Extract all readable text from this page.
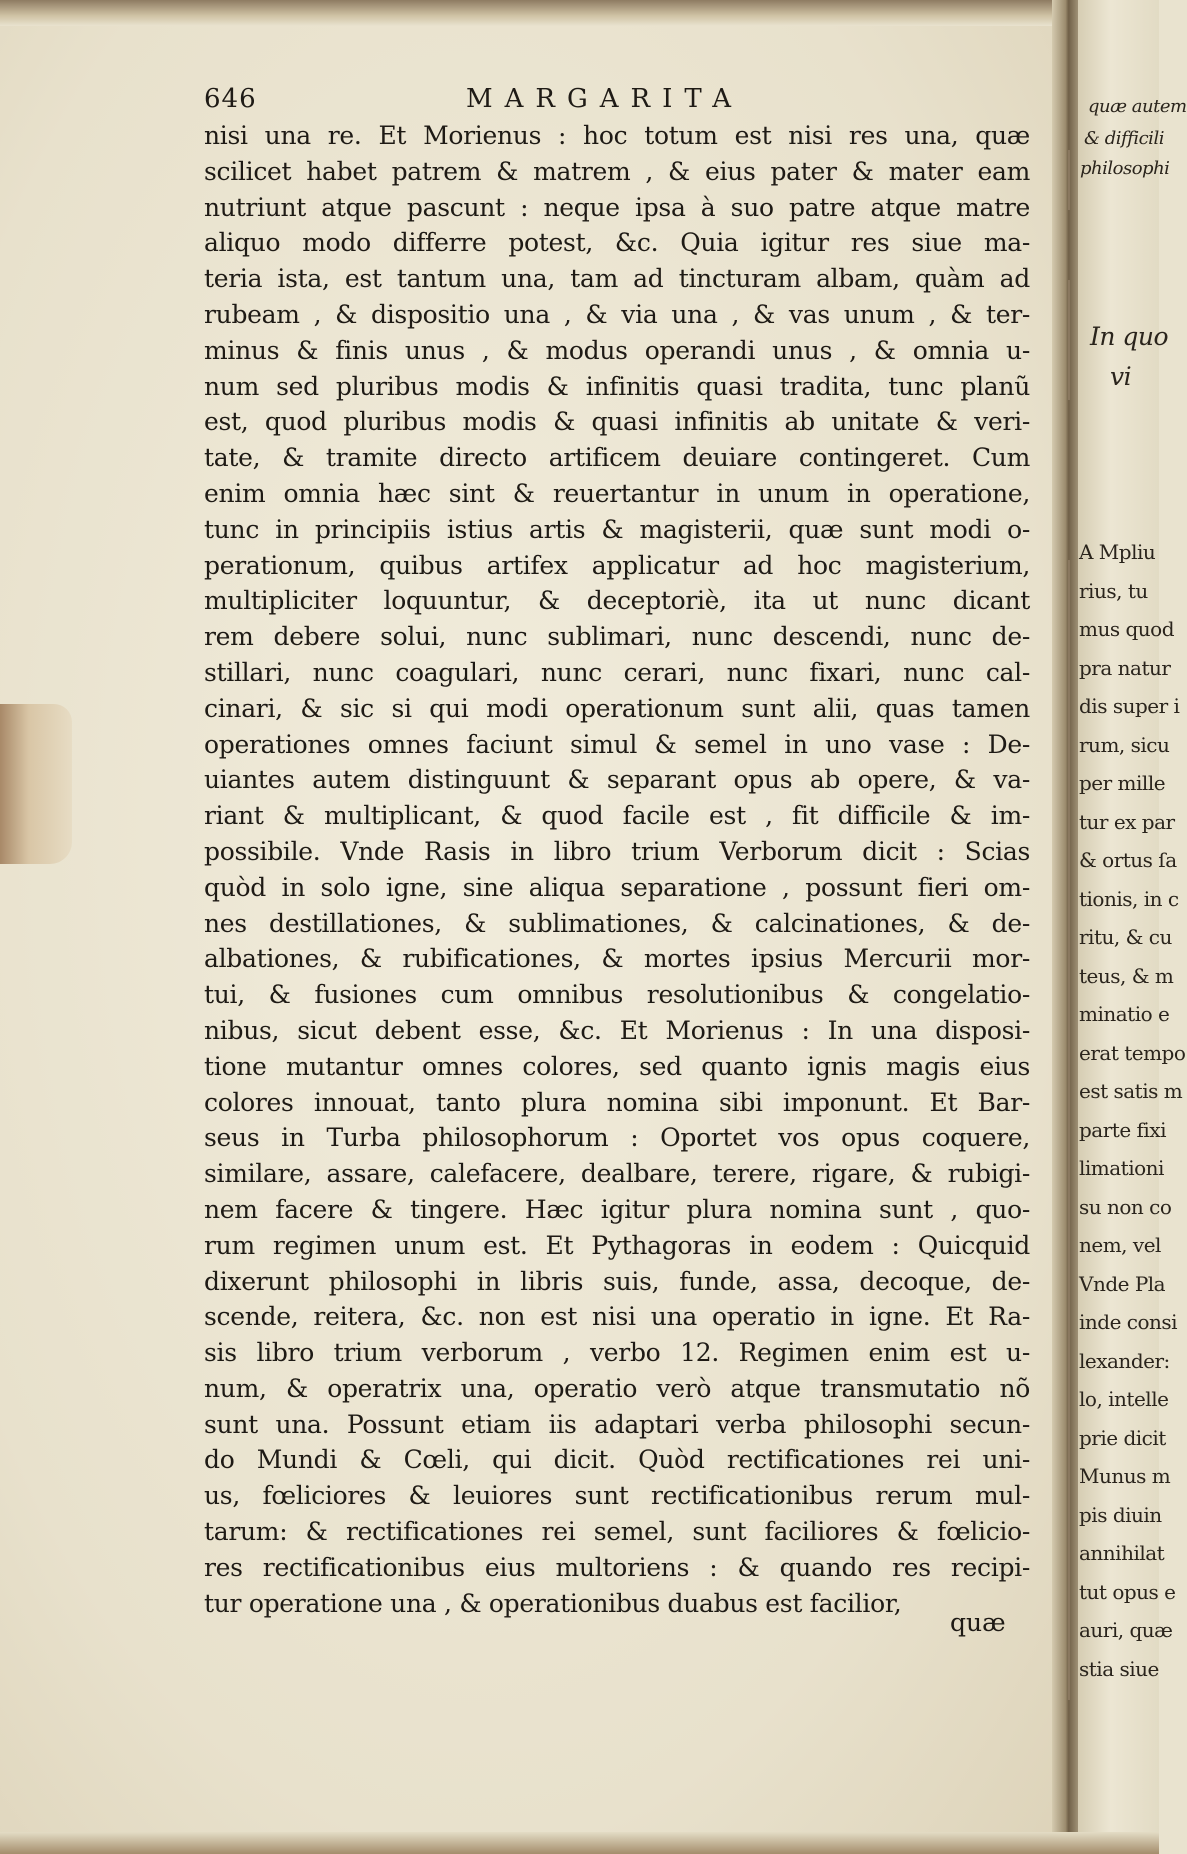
646	MARGARITA
nisi una re. Et Morienus : hoc totum est nisi res una, quæ
scilicet habet patrem & matrem , & eius pater & mater eam
nutriunt atque pascunt : neque ipsa à suo patre atque matre
aliquo modo differre potest, &c. Quia igitur res siue ma-
teria ista, est tantum una, tam ad tincturam albam, quàm ad
rubeam , & dispositio una , & via una , & vas unum , & ter-
minus & finis unus , & modus operandi unus , & omnia u-
num sed pluribus modis & infinitis quasi tradita, tunc planũ
est, quod pluribus modis & quasi infinitis ab unitate & veri-
tate, & tramite directo artificem deuiare contingeret. Cum
enim omnia hæc sint & reuertantur in unum in operatione,
tunc in principiis istius artis & magisterii, quæ sunt modi o-
perationum, quibus artifex applicatur ad hoc magisterium,
multipliciter loquuntur, & deceptoriè, ita ut nunc dicant
rem debere solui, nunc sublimari, nunc descendi, nunc de-
stillari, nunc coagulari, nunc cerari, nunc fixari, nunc cal-
cinari, & sic si qui modi operationum sunt alii, quas tamen
operationes omnes faciunt simul & semel in uno vase : De-
uiantes autem distinguunt & separant opus ab opere, & va-
riant & multiplicant, & quod facile est , fit difficile & im-
possibile. Vnde Rasis in libro trium Verborum dicit : Scias
quòd in solo igne, sine aliqua separatione , possunt fieri om-
nes destillationes, & sublimationes, & calcinationes, & de-
albationes, & rubificationes, & mortes ipsius Mercurii mor-
tui, & fusiones cum omnibus resolutionibus & congelatio-
nibus, sicut debent esse, &c. Et Morienus : In una disposi-
tione mutantur omnes colores, sed quanto ignis magis eius
colores innouat, tanto plura nomina sibi imponunt. Et Bar-
seus in Turba philosophorum : Oportet vos opus coquere,
similare, assare, calefacere, dealbare, terere, rigare, & rubigi-
nem facere & tingere. Hæc igitur plura nomina sunt , quo-
rum regimen unum est. Et Pythagoras in eodem : Quicquid
dixerunt philosophi in libris suis, funde, assa, decoque, de-
scende, reitera, &c. non est nisi una operatio in igne. Et Ra-
sis libro trium verborum , verbo 12. Regimen enim est u-
num, & operatrix una, operatio verò atque transmutatio nõ
sunt una. Possunt etiam iis adaptari verba philosophi secun-
do Mundi & Cœli, qui dicit. Quòd rectificationes rei uni-
us, fœliciores & leuiores sunt rectificationibus rerum mul-
tarum: & rectificationes rei semel, sunt faciliores & fœlicio-
res rectificationibus eius multoriens : & quando res recipi-
tur operatione una , & operationibus duabus est facilior,
quæ
quæ autem
& difficili
philosophi
In quo
vi
A Mpliu
rius, tu
mus quod
pra natur
dis super i
rum, sicu
per mille
tur ex par
& ortus ſa
tionis, in c
ritu, & cu
teus, & m
minatio e
erat tempo
est satis m
parte fixi
limationi
su non co
nem, vel
Vnde Pla
inde consi
lexander:
lo, intelle
prie dicit
Munus m
pis diuin
annihilat
tut opus e
auri, quæ
stia siue
